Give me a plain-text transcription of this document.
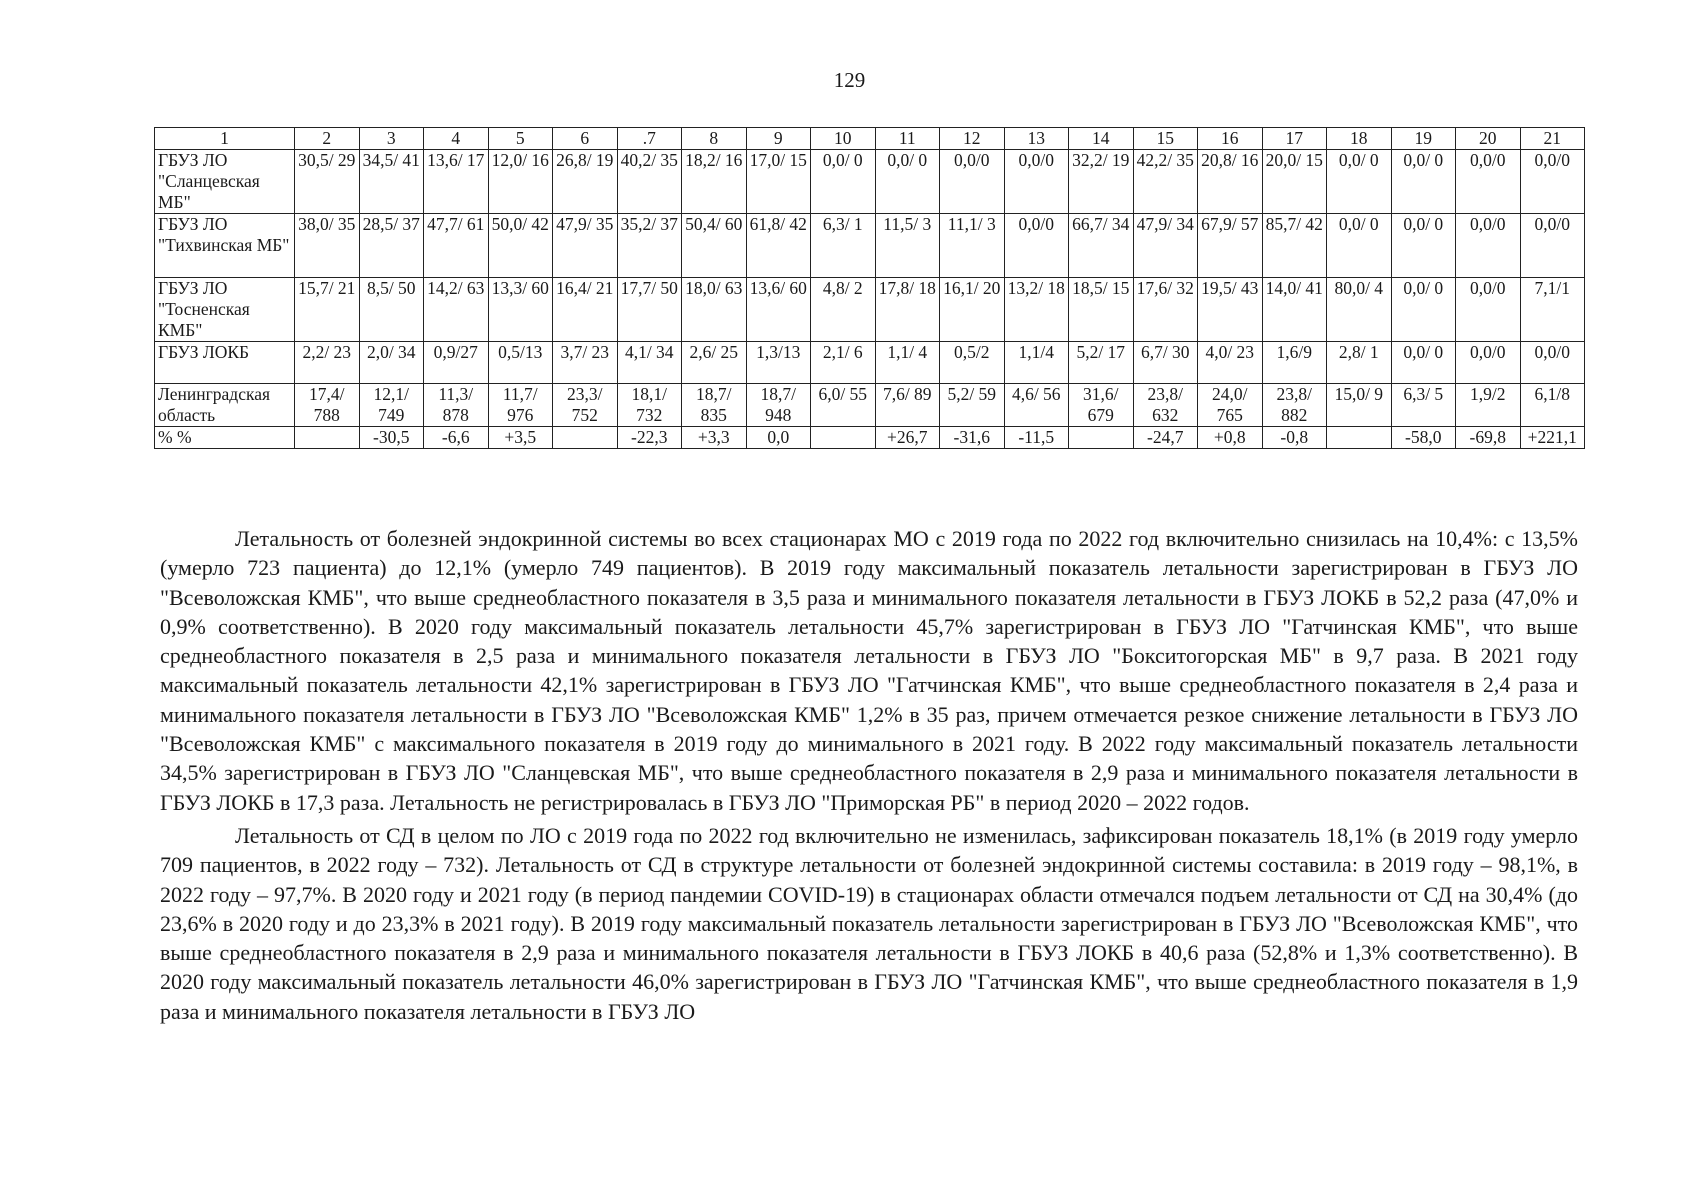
129
1	2	3	4	5	6	.7	8	9	10	11	12	13	14	15	16	17	18	19	20	21
ГБУЗ ЛО "Сланцевская МБ"	30,5/ 29	34,5/ 41	13,6/ 17	12,0/ 16	26,8/ 19	40,2/ 35	18,2/ 16	17,0/ 15	0,0/ 0	0,0/ 0	0,0/0	0,0/0	32,2/ 19	42,2/ 35	20,8/ 16	20,0/ 15	0,0/ 0	0,0/ 0	0,0/0	0,0/0
ГБУЗ ЛО "Тихвинская МБ"	38,0/ 35	28,5/ 37	47,7/ 61	50,0/ 42	47,9/ 35	35,2/ 37	50,4/ 60	61,8/ 42	6,3/ 1	11,5/ 3	11,1/ 3	0,0/0	66,7/ 34	47,9/ 34	67,9/ 57	85,7/ 42	0,0/ 0	0,0/ 0	0,0/0	0,0/0
ГБУЗ ЛО "Тосненская КМБ"	15,7/ 21	8,5/ 50	14,2/ 63	13,3/ 60	16,4/ 21	17,7/ 50	18,0/ 63	13,6/ 60	4,8/ 2	17,8/ 18	16,1/ 20	13,2/ 18	18,5/ 15	17,6/ 32	19,5/ 43	14,0/ 41	80,0/ 4	0,0/ 0	0,0/0	7,1/1
ГБУЗ ЛОКБ	2,2/ 23	2,0/ 34	0,9/27	0,5/13	3,7/ 23	4,1/ 34	2,6/ 25	1,3/13	2,1/ 6	1,1/ 4	0,5/2	1,1/4	5,2/ 17	6,7/ 30	4,0/ 23	1,6/9	2,8/ 1	0,0/ 0	0,0/0	0,0/0
Ленинградская область	17,4/ 788	12,1/ 749	11,3/ 878	11,7/ 976	23,3/ 752	18,1/ 732	18,7/ 835	18,7/ 948	6,0/ 55	7,6/ 89	5,2/ 59	4,6/ 56	31,6/ 679	23,8/ 632	24,0/ 765	23,8/ 882	15,0/ 9	6,3/ 5	1,9/2	6,1/8
% %		-30,5	-6,6	+3,5		-22,3	+3,3	0,0		+26,7	-31,6	-11,5		-24,7	+0,8	-0,8		-58,0	-69,8	+221,1

Летальность от болезней эндокринной системы во всех стационарах МО с 2019 года по 2022 год включительно снизилась на 10,4%: с 13,5% (умерло 723 пациента) до 12,1% (умерло 749 пациентов). В 2019 году максимальный показатель летальности зарегистрирован в ГБУЗ ЛО "Всеволожская КМБ", что выше среднеобластного показателя в 3,5 раза и минимального показателя летальности в ГБУЗ ЛОКБ в 52,2 раза (47,0% и 0,9% соответственно). В 2020 году максимальный показатель летальности 45,7% зарегистрирован в ГБУЗ ЛО "Гатчинская КМБ", что выше среднеобластного показателя в 2,5 раза и минимального показателя летальности в ГБУЗ ЛО "Бокситогорская МБ" в 9,7 раза. В 2021 году максимальный показатель летальности 42,1% зарегистрирован в ГБУЗ ЛО "Гатчинская КМБ", что выше среднеобластного показателя в 2,4 раза и минимального показателя летальности в ГБУЗ ЛО "Всеволожская КМБ" 1,2% в 35 раз, причем отмечается резкое снижение летальности в ГБУЗ ЛО "Всеволожская КМБ" с максимального показателя в 2019 году до минимального в 2021 году. В 2022 году максимальный показатель летальности 34,5% зарегистрирован в ГБУЗ ЛО "Сланцевская МБ", что выше среднеобластного показателя в 2,9 раза и минимального показателя летальности в ГБУЗ ЛОКБ в 17,3 раза. Летальность не регистрировалась в ГБУЗ ЛО "Приморская РБ" в период 2020 – 2022 годов.

Летальность от СД в целом по ЛО с 2019 года по 2022 год включительно не изменилась, зафиксирован показатель 18,1% (в 2019 году умерло 709 пациентов, в 2022 году – 732). Летальность от СД в структуре летальности от болезней эндокринной системы составила: в 2019 году – 98,1%, в 2022 году – 97,7%. В 2020 году и 2021 году (в период пандемии COVID-19) в стационарах области отмечался подъем летальности от СД на 30,4% (до 23,6% в 2020 году и до 23,3% в 2021 году). В 2019 году максимальный показатель летальности зарегистрирован в ГБУЗ ЛО "Всеволожская КМБ", что выше среднеобластного показателя в 2,9 раза и минимального показателя летальности в ГБУЗ ЛОКБ в 40,6 раза (52,8% и 1,3% соответственно). В 2020 году максимальный показатель летальности 46,0% зарегистрирован в ГБУЗ ЛО "Гатчинская КМБ", что выше среднеобластного показателя в 1,9 раза и минимального показателя летальности в ГБУЗ ЛО
